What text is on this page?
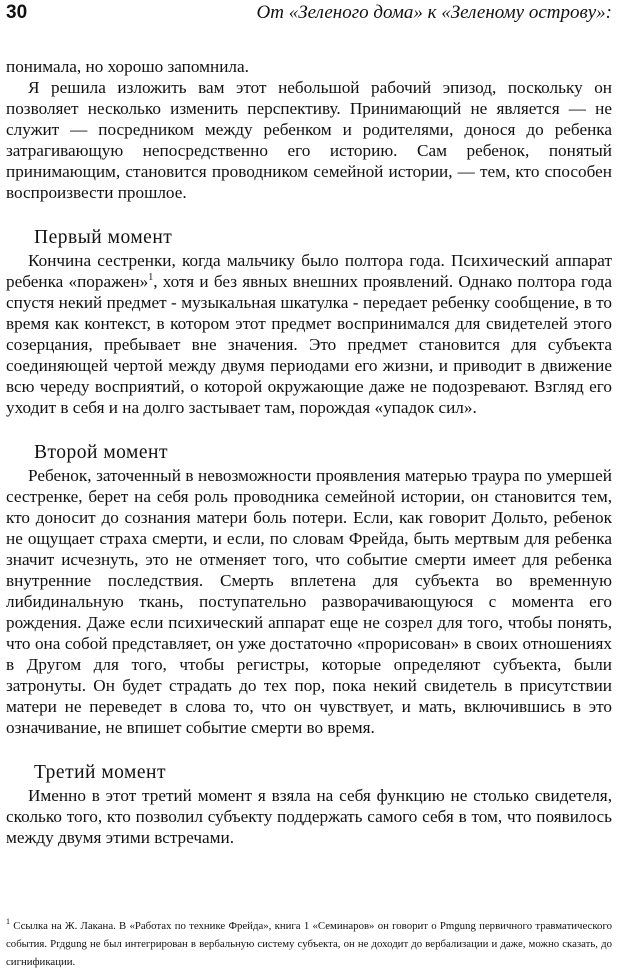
30	От «Зеленого дома» к «Зеленому острову»:

понимала, но хорошо запомнила.

Я решила изложить вам этот небольшой рабочий эпизод, поскольку он позволяет несколько изменить перспективу. Принимающий не является — не служит — посредником между ребенком и родителями, донося до ребенка затрагивающую непосредственно его историю. Сам ребенок, понятый принимающим, становится проводником семейной истории, — тем, кто способен воспроизвести прошлое.

Первый момент

Кончина сестренки, когда мальчику было полтора года. Психический аппарат ребенка «поражен»$^1$, хотя и без явных внешних проявлений. Однако полтора года спустя некий предмет - музыкальная шкатулка - передает ребенку сообщение, в то время как контекст, в котором этот предмет воспринимался для свидетелей этого созерцания, пребывает вне значения. Это предмет становится для субъекта соединяющей чертой между двумя периодами его жизни, и приводит в движение всю череду восприятий, о которой окружающие даже не подозревают. Взгляд его уходит в себя и на долго застывает там, порождая «упадок сил».

Второй момент

Ребенок, заточенный в невозможности проявления матерью траура по умершей сестренке, берет на себя роль проводника семейной истории, он становится тем, кто доносит до сознания матери боль потери. Если, как говорит Дольто, ребенок не ощущает страха смерти, и если, по словам Фрейда, быть мертвым для ребенка значит исчезнуть, это не отменяет того, что событие смерти имеет для ребенка внутренние последствия. Смерть вплетена для субъекта во временную либидинальную ткань, поступательно разворачивающуюся с момента его рождения. Даже если психический аппарат еще не созрел для того, чтобы понять, что она собой представляет, он уже достаточно «прорисован» в своих отношениях в Другом для того, чтобы регистры, которые определяют субъекта, были затронуты. Он будет страдать до тех пор, пока некий свидетель в присутствии матери не переведет в слова то, что он чувствует, и мать, включившись в это означивание, не впишет событие смерти во время.

Третий момент

Именно в этот третий момент я взяла на себя функцию не столько свидетеля, сколько того, кто позволил субъекту поддержать самого себя в том, что появилось между двумя этими встречами.

$^1$ Ссылка на Ж. Лакана. В «Работах по технике Фрейда», книга 1 «Семинаров» он говорит о Pmgung первичного травматического события. Prдgung не был интегрирован в вербальную систему субъекта, он не доходит до вербализации и даже, можно сказать, до сигнификации.
